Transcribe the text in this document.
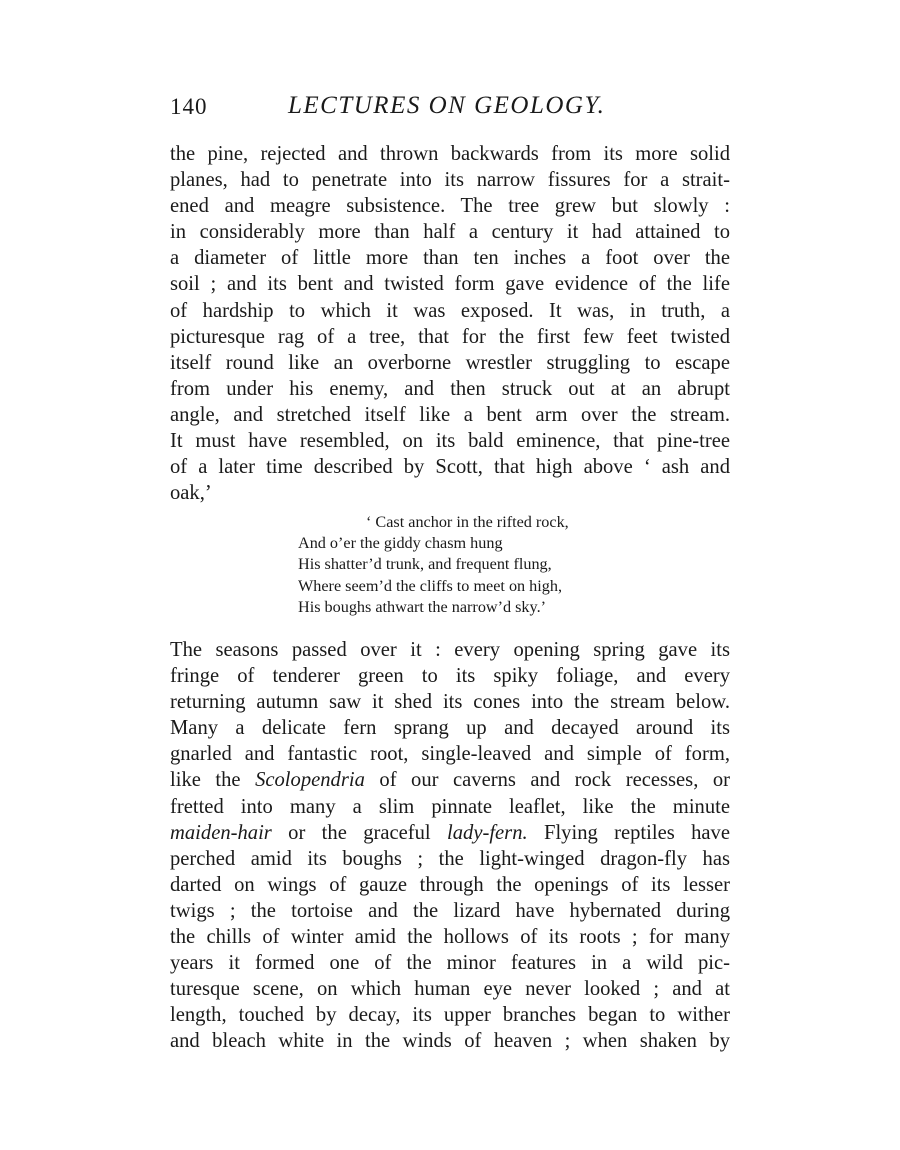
140	LECTURES ON GEOLOGY.

the pine, rejected and thrown backwards from its more solid
planes, had to penetrate into its narrow fissures for a strait-
ened and meagre subsistence. The tree grew but slowly :
in considerably more than half a century it had attained to
a diameter of little more than ten inches a foot over the
soil ; and its bent and twisted form gave evidence of the life
of hardship to which it was exposed. It was, in truth, a
picturesque rag of a tree, that for the first few feet twisted
itself round like an overborne wrestler struggling to escape
from under his enemy, and then struck out at an abrupt
angle, and stretched itself like a bent arm over the stream.
It must have resembled, on its bald eminence, that pine-tree
of a later time described by Scott, that high above ‘ ash and
oak,’

‘ Cast anchor in the rifted rock,
And o’er the giddy chasm hung
His shatter’d trunk, and frequent flung,
Where seem’d the cliffs to meet on high,
His boughs athwart the narrow’d sky.’

The seasons passed over it : every opening spring gave its
fringe of tenderer green to its spiky foliage, and every
returning autumn saw it shed its cones into the stream below.
Many a delicate fern sprang up and decayed around its
gnarled and fantastic root, single-leaved and simple of form,
like the Scolopendria of our caverns and rock recesses, or
fretted into many a slim pinnate leaflet, like the minute
maiden-hair or the graceful lady-fern. Flying reptiles have
perched amid its boughs ; the light-winged dragon-fly has
darted on wings of gauze through the openings of its lesser
twigs ; the tortoise and the lizard have hybernated during
the chills of winter amid the hollows of its roots ; for many
years it formed one of the minor features in a wild pic-
turesque scene, on which human eye never looked ; and at
length, touched by decay, its upper branches began to wither
and bleach white in the winds of heaven ; when shaken by
